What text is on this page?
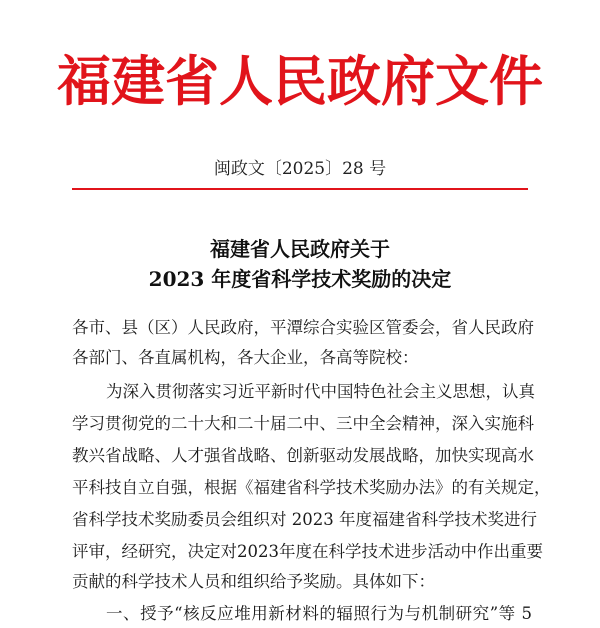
福建省人民政府文件
闽政文〔2025〕28 号
福建省人民政府关于
2023 年度省科学技术奖励的决定
各市、县（区）人民政府，平潭综合实验区管委会，省人民政府
各部门、各直属机构，各大企业，各高等院校：
为深入贯彻落实习近平新时代中国特色社会主义思想，认真
学习贯彻党的二十大和二十届二中、三中全会精神，深入实施科
教兴省战略、人才强省战略、创新驱动发展战略，加快实现高水
平科技自立自强，根据《福建省科学技术奖励办法》的有关规定，
省科学技术奖励委员会组织对 2023 年度福建省科学技术奖进行
评审，经研究，决定对2023年度在科学技术进步活动中作出重要
贡献的科学技术人员和组织给予奖励。具体如下：
一、授予“核反应堆用新材料的辐照行为与机制研究”等 5
